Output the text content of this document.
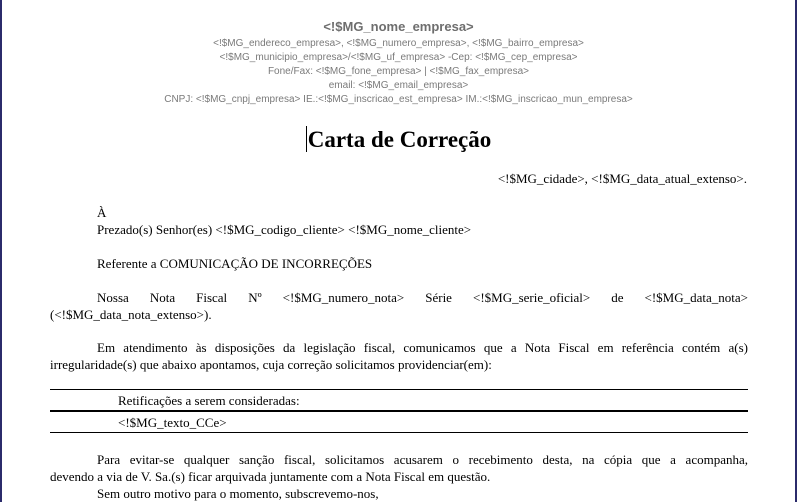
<!$MG_nome_empresa>
<!$MG_endereco_empresa>, <!$MG_numero_empresa>, <!$MG_bairro_empresa>
<!$MG_municipio_empresa>/<!$MG_uf_empresa> -Cep: <!$MG_cep_empresa>
Fone/Fax: <!$MG_fone_empresa> | <!$MG_fax_empresa>
email: <!$MG_email_empresa>
CNPJ: <!$MG_cnpj_empresa> IE.:<!$MG_inscricao_est_empresa> IM.:<!$MG_inscricao_mun_empresa>
Carta de Correção
<!$MG_cidade>, <!$MG_data_atual_extenso>.
À
Prezado(s) Senhor(es) <!$MG_codigo_cliente> <!$MG_nome_cliente>
Referente a COMUNICAÇÃO DE INCORREÇÕES
Nossa Nota Fiscal Nº <!$MG_numero_nota> Série <!$MG_serie_oficial> de <!$MG_data_nota>
(<!$MG_data_nota_extenso>).
Em atendimento às disposições da legislação fiscal, comunicamos que a Nota Fiscal em referência contém a(s)
irregularidade(s) que abaixo apontamos, cuja correção solicitamos providenciar(em):
Retificações a serem consideradas:
<!$MG_texto_CCe>
Para evitar-se qualquer sanção fiscal, solicitamos acusarem o recebimento desta, na cópia que a acompanha,
devendo a via de V. Sa.(s) ficar arquivada juntamente com a Nota Fiscal em questão.
Sem outro motivo para o momento, subscrevemo-nos,
